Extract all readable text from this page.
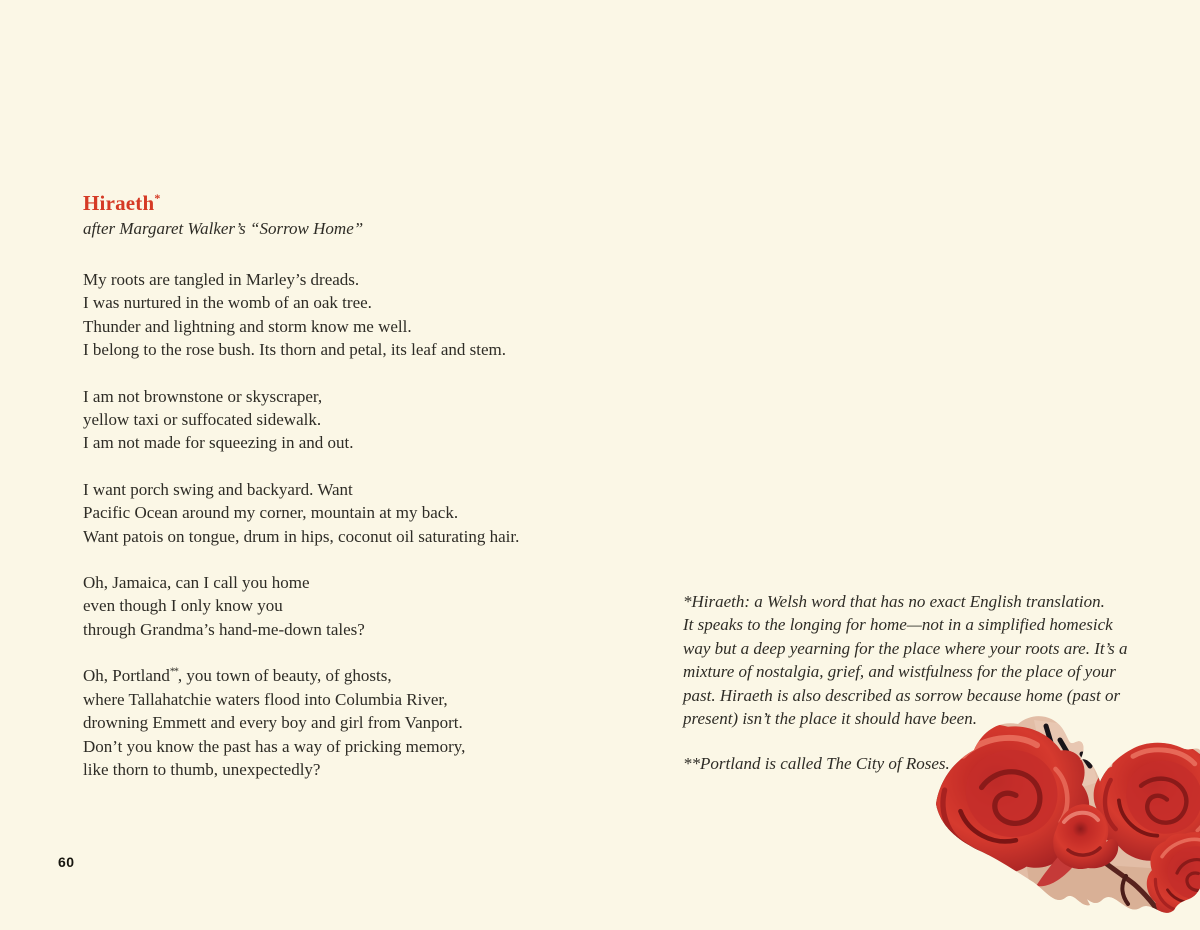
Hiraeth*

after Margaret Walker’s “Sorrow Home”

My roots are tangled in Marley’s dreads.
I was nurtured in the womb of an oak tree.
Thunder and lightning and storm know me well.
I belong to the rose bush. Its thorn and petal, its leaf and stem.
I am not brownstone or skyscraper,
yellow taxi or suffocated sidewalk.
I am not made for squeezing in and out.
I want porch swing and backyard. Want
Pacific Ocean around my corner, mountain at my back.
Want patois on tongue, drum in hips, coconut oil saturating hair.
Oh, Jamaica, can I call you home
even though I only know you
through Grandma’s hand-me-down tales?
Oh, Portland**, you town of beauty, of ghosts,
where Tallahatchie waters flood into Columbia River,
drowning Emmett and every boy and girl from Vanport.
Don’t you know the past has a way of pricking memory,
like thorn to thumb, unexpectedly?
*Hiraeth: a Welsh word that has no exact English translation.
It speaks to the longing for home—not in a simplified homesick
way but a deep yearning for the place where your roots are. It’s a
mixture of nostalgia, grief, and wistfulness for the place of your
past. Hiraeth is also described as sorrow because home (past or
present) isn’t the place it should have been.
**Portland is called The City of Roses.
60
